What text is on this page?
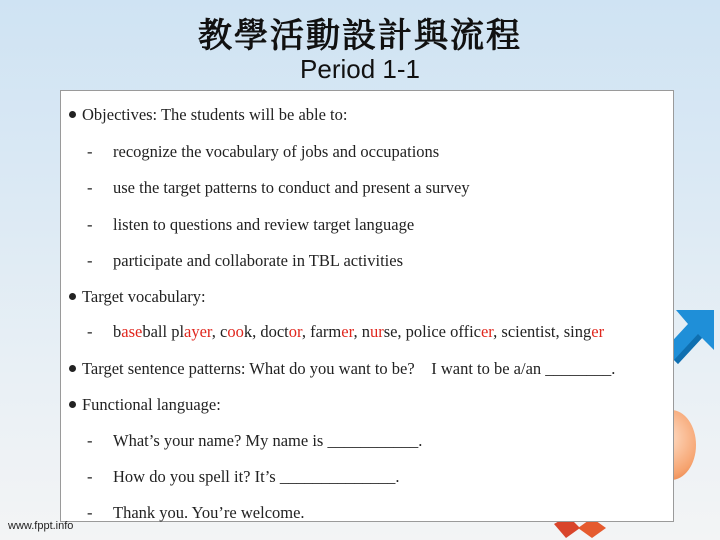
教學活動設計與流程
Period 1-1
Objectives: The students will be able to:
- recognize the vocabulary of jobs and occupations
- use the target patterns to conduct and present a survey
- listen to questions and review target language
- participate and collaborate in TBL activities
Target vocabulary:
- baseball player, cook, doctor, farmer, nurse, police officer, scientist, singer
Target sentence patterns: What do you want to be?    I want to be a/an ________.
Functional language:
- What’s your name? My name is ___________.
- How do you spell it? It’s ______________.
- Thank you. You’re welcome.
www.fppt.info
